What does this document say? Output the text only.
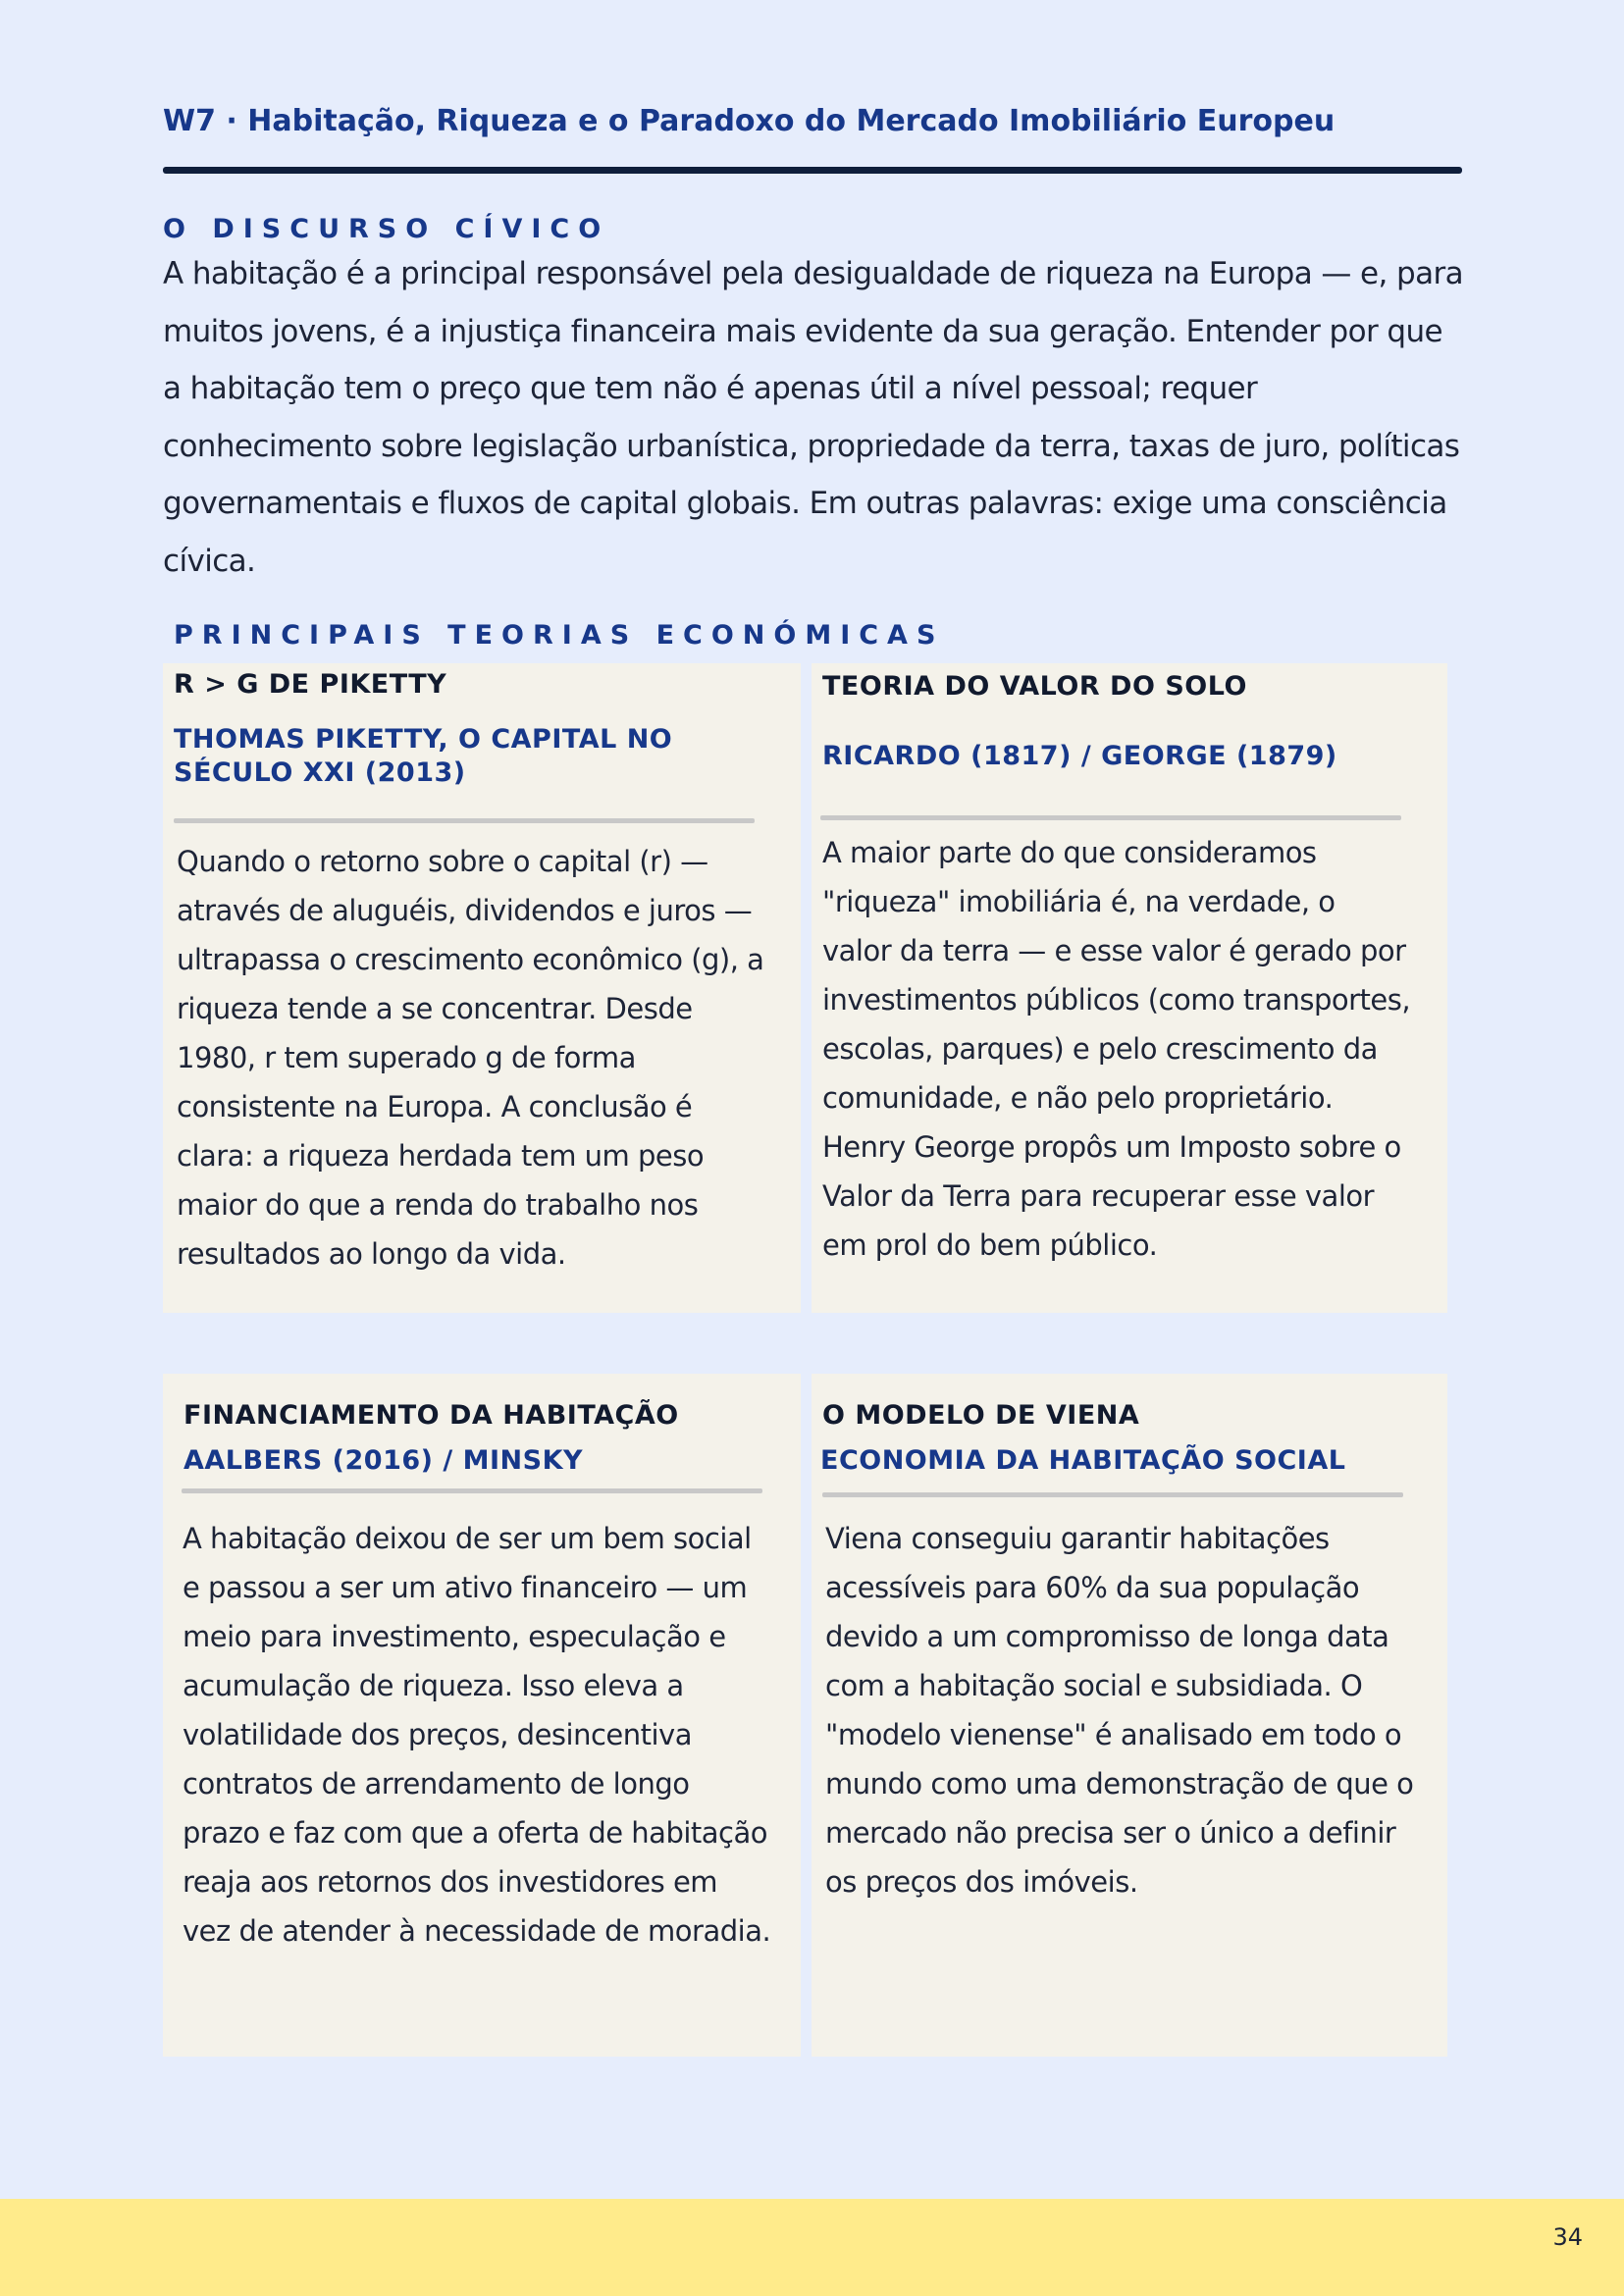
W7 · Habitação, Riqueza e o Paradoxo do Mercado Imobiliário Europeu
O DISCURSO CÍVICO
A habitação é a principal responsável pela desigualdade de riqueza na Europa — e, para muitos jovens, é a injustiça financeira mais evidente da sua geração. Entender por que a habitação tem o preço que tem não é apenas útil a nível pessoal; requer conhecimento sobre legislação urbanística, propriedade da terra, taxas de juro, políticas governamentais e fluxos de capital globais. Em outras palavras: exige uma consciência cívica.
PRINCIPAIS TEORIAS ECONÓMICAS
R > G DE PIKETTY
THOMAS PIKETTY, O CAPITAL NO SÉCULO XXI (2013)
Quando o retorno sobre o capital (r) — através de aluguéis, dividendos e juros — ultrapassa o crescimento econômico (g), a riqueza tende a se concentrar. Desde 1980, r tem superado g de forma consistente na Europa. A conclusão é clara: a riqueza herdada tem um peso maior do que a renda do trabalho nos resultados ao longo da vida.
TEORIA DO VALOR DO SOLO
RICARDO (1817) / GEORGE (1879)
A maior parte do que consideramos "riqueza" imobiliária é, na verdade, o valor da terra — e esse valor é gerado por investimentos públicos (como transportes, escolas, parques) e pelo crescimento da comunidade, e não pelo proprietário. Henry George propôs um Imposto sobre o Valor da Terra para recuperar esse valor em prol do bem público.
FINANCIAMENTO DA HABITAÇÃO
AALBERS (2016) / MINSKY
A habitação deixou de ser um bem social e passou a ser um ativo financeiro — um meio para investimento, especulação e acumulação de riqueza. Isso eleva a volatilidade dos preços, desincentiva contratos de arrendamento de longo prazo e faz com que a oferta de habitação reaja aos retornos dos investidores em vez de atender à necessidade de moradia.
O MODELO DE VIENA
ECONOMIA DA HABITAÇÃO SOCIAL
Viena conseguiu garantir habitações acessíveis para 60% da sua população devido a um compromisso de longa data com a habitação social e subsidiada. O "modelo vienense" é analisado em todo o mundo como uma demonstração de que o mercado não precisa ser o único a definir os preços dos imóveis.
34
